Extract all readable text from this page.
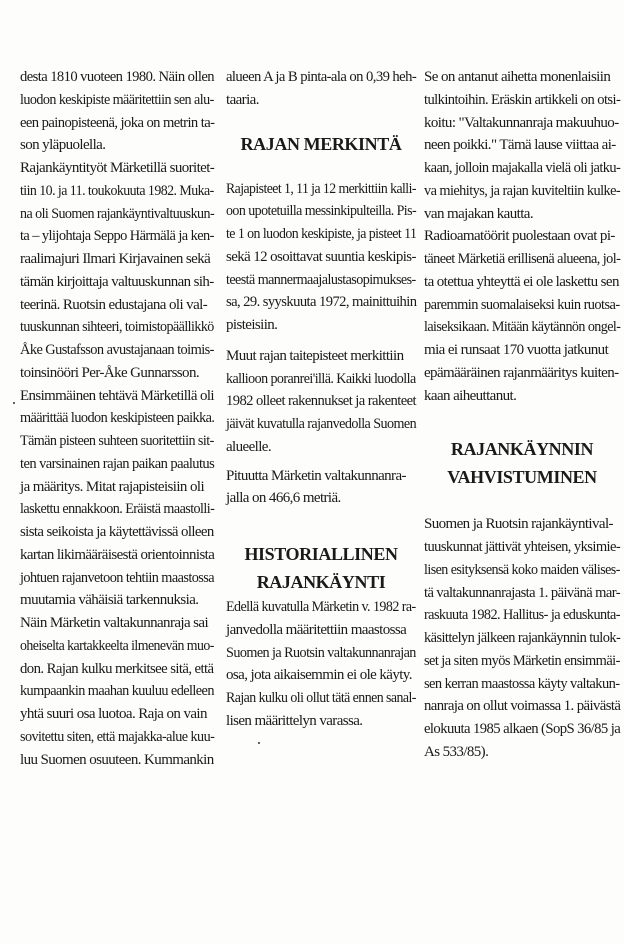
desta 1810 vuoteen 1980. Näin ollen
luodon keskipiste määritettiin sen alu-
een painopisteenä, joka on metrin ta-
son yläpuolella.
Rajankäyntityöt Märketillä suoritet-
tiin 10. ja 11. toukokuuta 1982. Muka-
na oli Suomen rajankäyntivaltuuskun-
ta – ylijohtaja Seppo Härmälä ja ken-
raalimajuri Ilmari Kirjavainen sekä
tämän kirjoittaja valtuuskunnan sih-
teerinä. Ruotsin edustajana oli val-
tuuskunnan sihteeri, toimistopäällikkö
Åke Gustafsson avustajanaan toimis-
toinsinööri Per-Åke Gunnarsson.
Ensimmäinen tehtävä Märketillä oli
määrittää luodon keskipisteen paikka.
Tämän pisteen suhteen suoritettiin sit-
ten varsinainen rajan paikan paalutus
ja määritys. Mitat rajapisteisiin oli
laskettu ennakkoon. Eräistä maastolli-
sista seikoista ja käytettävissä olleen
kartan likimääräisestä orientoinnista
johtuen rajanvetoon tehtiin maastossa
muutamia vähäisiä tarkennuksia.
Näin Märketin valtakunnanraja sai
oheiselta kartakkeelta ilmenevän muo-
don. Rajan kulku merkitsee sitä, että
kumpaankin maahan kuuluu edelleen
yhtä suuri osa luotoa. Raja on vain
sovitettu siten, että majakka-alue kuu-
luu Suomen osuuteen. Kummankin
alueen A ja B pinta-ala on 0,39 heh-
taaria.
RAJAN MERKINTÄ
Rajapisteet 1, 11 ja 12 merkittiin kalli-
oon upotetuilla messinkipulteilla. Pis-
te 1 on luodon keskipiste, ja pisteet 11
sekä 12 osoittavat suuntia keskipis-
teestä mannermaajalustasopimukses-
sa, 29. syyskuuta 1972, mainittuihin
pisteisiin.
Muut rajan taitepisteet merkittiin
kallioon poranrei'illä. Kaikki luodolla
1982 olleet rakennukset ja rakenteet
jäivät kuvatulla rajanvedolla Suomen
alueelle.
Pituutta Märketin valtakunnanra-
jalla on 466,6 metriä.
HISTORIALLINEN
RAJANKÄYNTI
Edellä kuvatulla Märketin v. 1982 ra-
janvedolla määritettiin maastossa
Suomen ja Ruotsin valtakunnanrajan
osa, jota aikaisemmin ei ole käyty.
Rajan kulku oli ollut tätä ennen sanal-
lisen määrittelyn varassa.
Se on antanut aihetta monenlaisiin
tulkintoihin. Eräskin artikkeli on otsi-
koitu: "Valtakunnanraja makuuhuo-
neen poikki." Tämä lause viittaa ai-
kaan, jolloin majakalla vielä oli jatku-
va miehitys, ja rajan kuviteltiin kulke-
van majakan kautta.
Radioamatöörit puolestaan ovat pi-
täneet Märketiä erillisenä alueena, jol-
ta otettua yhteyttä ei ole laskettu sen
paremmin suomalaiseksi kuin ruotsa-
laiseksikaan. Mitään käytännön ongel-
mia ei runsaat 170 vuotta jatkunut
epämääräinen rajanmääritys kuiten-
kaan aiheuttanut.
RAJANKÄYNNIN
VAHVISTUMINEN
Suomen ja Ruotsin rajankäyntival-
tuuskunnat jättivät yhteisen, yksimie-
lisen esityksensä koko maiden välises-
tä valtakunnanrajasta 1. päivänä mar-
raskuuta 1982. Hallitus- ja eduskunta-
käsittelyn jälkeen rajankäynnin tulok-
set ja siten myös Märketin ensimmäi-
sen kerran maastossa käyty valtakun-
nanraja on ollut voimassa 1. päivästä
elokuuta 1985 alkaen (SopS 36/85 ja
As 533/85).
